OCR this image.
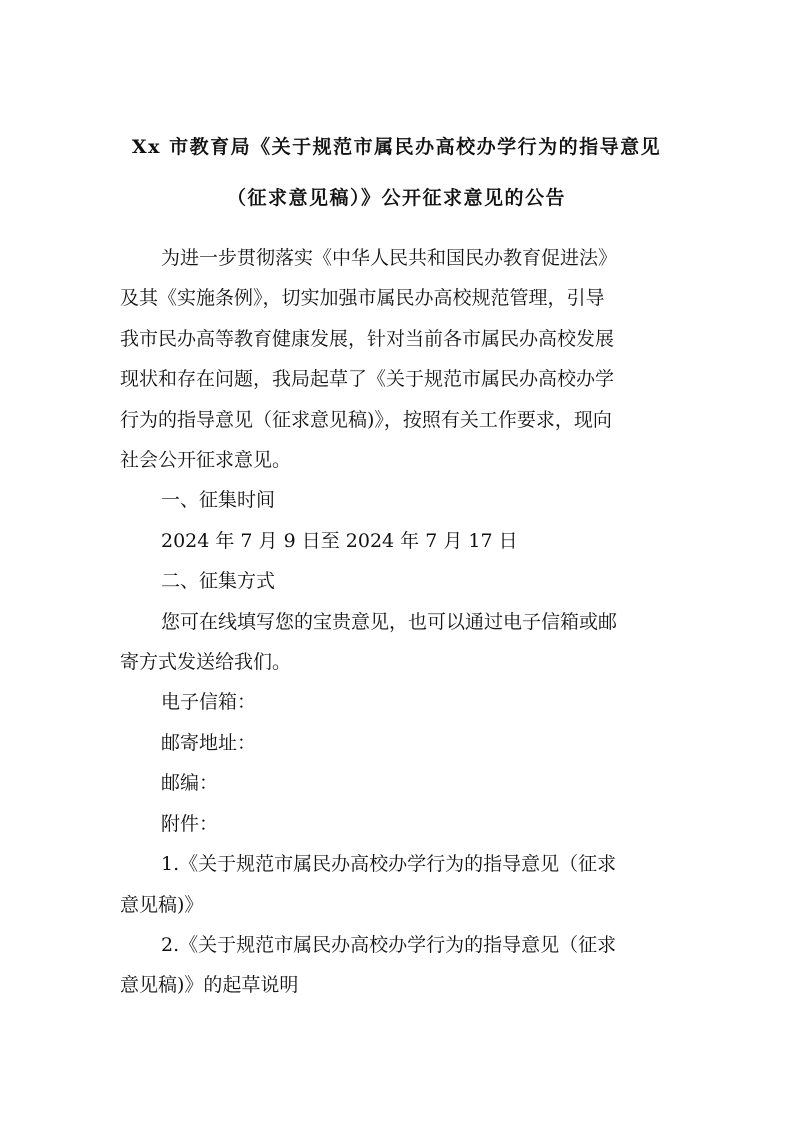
Xx 市教育局《关于规范市属民办高校办学行为的指导意见
（征求意见稿）》公开征求意见的公告

为进一步贯彻落实《中华人民共和国民办教育促进法》
及其《实施条例》，切实加强市属民办高校规范管理，引导
我市民办高等教育健康发展，针对当前各市属民办高校发展
现状和存在问题，我局起草了《关于规范市属民办高校办学
行为的指导意见（征求意见稿)》，按照有关工作要求，现向
社会公开征求意见。

一、征集时间

2024 年 7 月 9 日至 2024 年 7 月 17 日

二、征集方式

您可在线填写您的宝贵意见，也可以通过电子信箱或邮
寄方式发送给我们。

电子信箱：

邮寄地址：

邮编：

附件：

1.《关于规范市属民办高校办学行为的指导意见（征求
意见稿)》

2.《关于规范市属民办高校办学行为的指导意见（征求
意见稿)》的起草说明
